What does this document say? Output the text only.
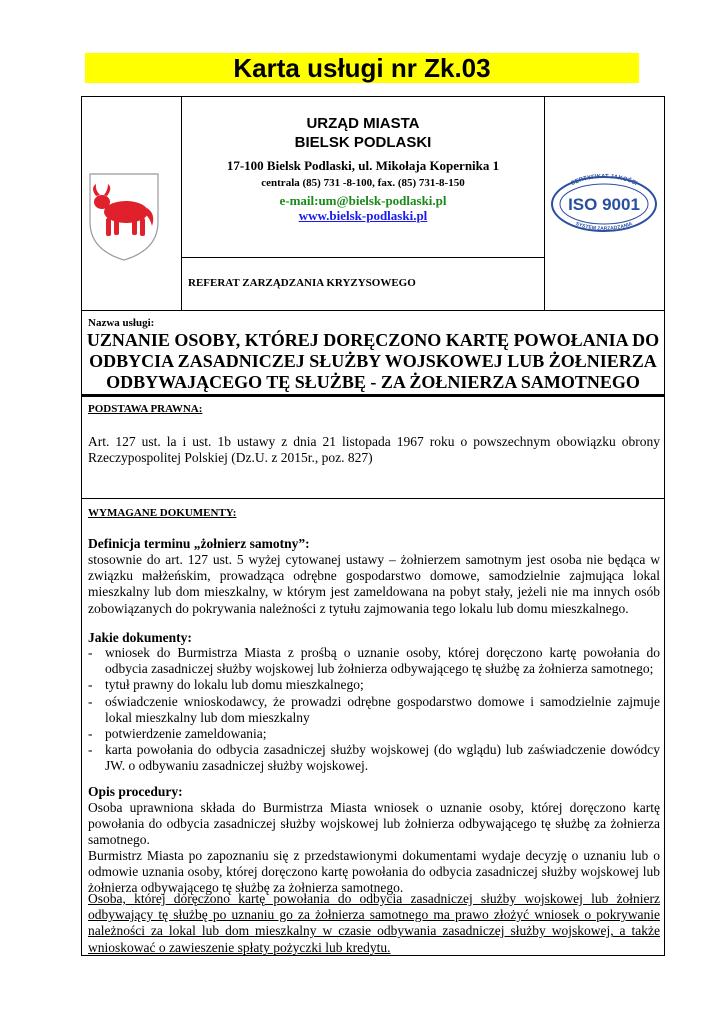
Karta usługi nr Zk.03
URZĄD MIASTA
BIELSK PODLASKI
17-100 Bielsk Podlaski, ul. Mikołaja Kopernika 1
centrala (85) 731 -8-100, fax. (85) 731-8-150
e-mail:um@bielsk-podlaski.pl
www.bielsk-podlaski.pl
REFERAT ZARZĄDZANIA KRYZYSOWEGO
CERTYFIKAT JAKOŚCI
ISO 9001
SYSTEM ZARZĄDZANIA
Nazwa usługi:
UZNANIE OSOBY, KTÓREJ DORĘCZONO KARTĘ POWOŁANIA DO
ODBYCIA ZASADNICZEJ SŁUŻBY WOJSKOWEJ LUB ŻOŁNIERZA
ODBYWAJĄCEGO TĘ SŁUŻBĘ - ZA ŻOŁNIERZA SAMOTNEGO
PODSTAWA PRAWNA:
Art. 127 ust. la i ust. 1b ustawy z dnia 21 listopada 1967 roku o powszechnym obowiązku obrony Rzeczypospolitej Polskiej (Dz.U. z 2015r., poz. 827)
WYMAGANE DOKUMENTY:
Definicja terminu „żołnierz samotny”:
stosownie do art. 127 ust. 5 wyżej cytowanej ustawy – żołnierzem samotnym jest osoba nie będąca w związku małżeńskim, prowadząca odrębne gospodarstwo domowe, samodzielnie zajmująca lokal mieszkalny lub dom mieszkalny, w którym jest zameldowana na pobyt stały, jeżeli nie ma innych osób zobowiązanych do pokrywania należności z tytułu zajmowania tego lokalu lub domu mieszkalnego.
Jakie dokumenty:
- wniosek do Burmistrza Miasta z prośbą o uznanie osoby, której doręczono kartę powołania do odbycia zasadniczej służby wojskowej lub żołnierza odbywającego tę służbę za żołnierza samotnego;
- tytuł prawny do lokalu lub domu mieszkalnego;
- oświadczenie wnioskodawcy, że prowadzi odrębne gospodarstwo domowe i samodzielnie zajmuje lokal mieszkalny lub dom mieszkalny
- potwierdzenie zameldowania;
- karta powołania do odbycia zasadniczej służby wojskowej (do wglądu) lub zaświadczenie dowódcy JW. o odbywaniu zasadniczej służby wojskowej.
Opis procedury:
Osoba uprawniona składa do Burmistrza Miasta wniosek o uznanie osoby, której doręczono kartę powołania do odbycia zasadniczej służby wojskowej lub żołnierza odbywającego tę służbę za żołnierza samotnego.
Burmistrz Miasta po zapoznaniu się z przedstawionymi dokumentami wydaje decyzję o uznaniu lub o odmowie uznania osoby, której doręczono kartę powołania do odbycia zasadniczej służby wojskowej lub żołnierza odbywającego tę służbę za żołnierza samotnego.
Osoba, której doręczono kartę powołania do odbycia zasadniczej służby wojskowej lub żołnierz odbywający tę służbę po uznaniu go za żołnierza samotnego ma prawo złożyć wniosek o pokrywanie należności za lokal lub dom mieszkalny w czasie odbywania zasadniczej służby wojskowej, a także wnioskować o zawieszenie spłaty pożyczki lub kredytu.
